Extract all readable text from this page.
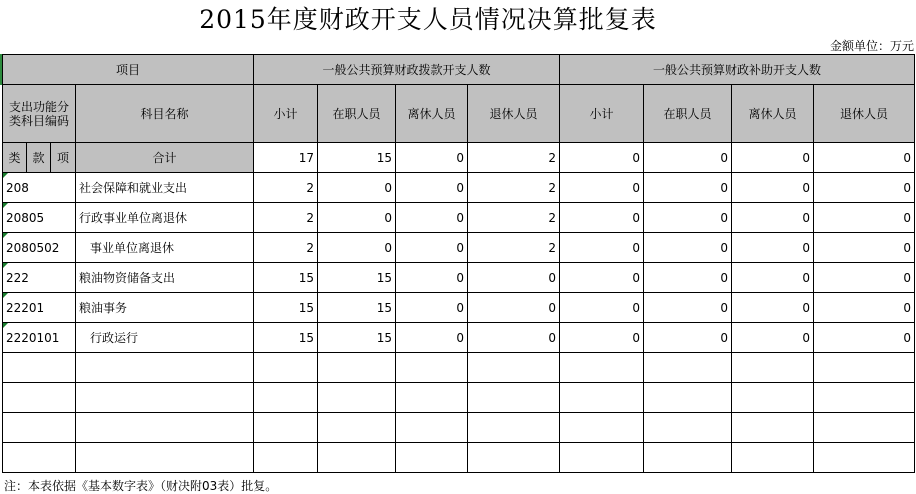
2015年度财政开支人员情况决算批复表
金额单位：万元
项目				一般公共预算财政拨款开支人数				一般公共预算财政补助开支人数			
支出功能分类科目编码			科目名称	小计	在职人员	离休人员	退休人员	小计	在职人员	离休人员	退休人员
类	款	项	合计	17	15	0	2	0	0	0	0
208			社会保障和就业支出	2	0	0	2	0	0	0	0
20805			行政事业单位离退休	2	0	0	2	0	0	0	0
2080502			事业单位离退休	2	0	0	2	0	0	0	0
222			粮油物资储备支出	15	15	0	0	0	0	0	0
22201			粮油事务	15	15	0	0	0	0	0	0
2220101			行政运行	15	15	0	0	0	0	0	0

注：本表依据《基本数字表》（财决附03表）批复。
